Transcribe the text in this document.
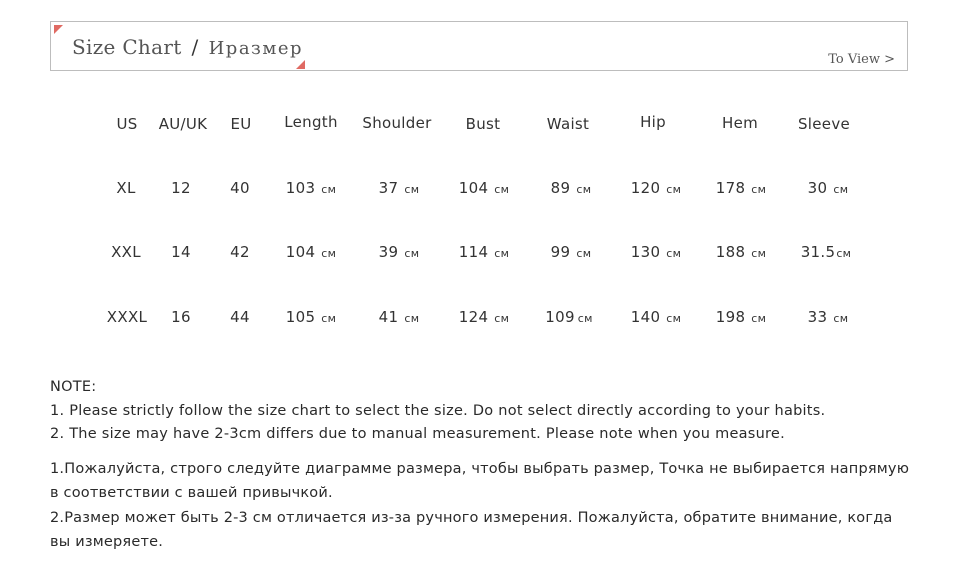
Size Chart / Иразмер
To View >
US AU/UK EU Length Shoulder Bust	Waist	Hip	Hem	Sleeve
XL 12	40 103 cм	37 cм	104 cм	89 cм	120 cм 178 cм	30 cм
XXL 14	42 104 cм	39 cм	114 cм	99 cм	130 cм 188 cм 31.5cм
XXXL 16	44 105 cм	41 cм	124 cм 109 cм	140 cм 198 cм	33 cм

NOTE:

1. Please strictly follow the size chart to select the size. Do not select directly according to your habits.

2. The size may have 2-3cm differs due to manual measurement. Please note when you measure.

1.Пожалуйста, строго следуйте диаграмме размера, чтобы выбрать размер, Точка не выбирается напрямую в соответствии с вашей привычкой.

2.Размер может быть 2-3 см отличается из-за ручного измерения. Пожалуйста, обратите внимание, когда вы измеряете.
